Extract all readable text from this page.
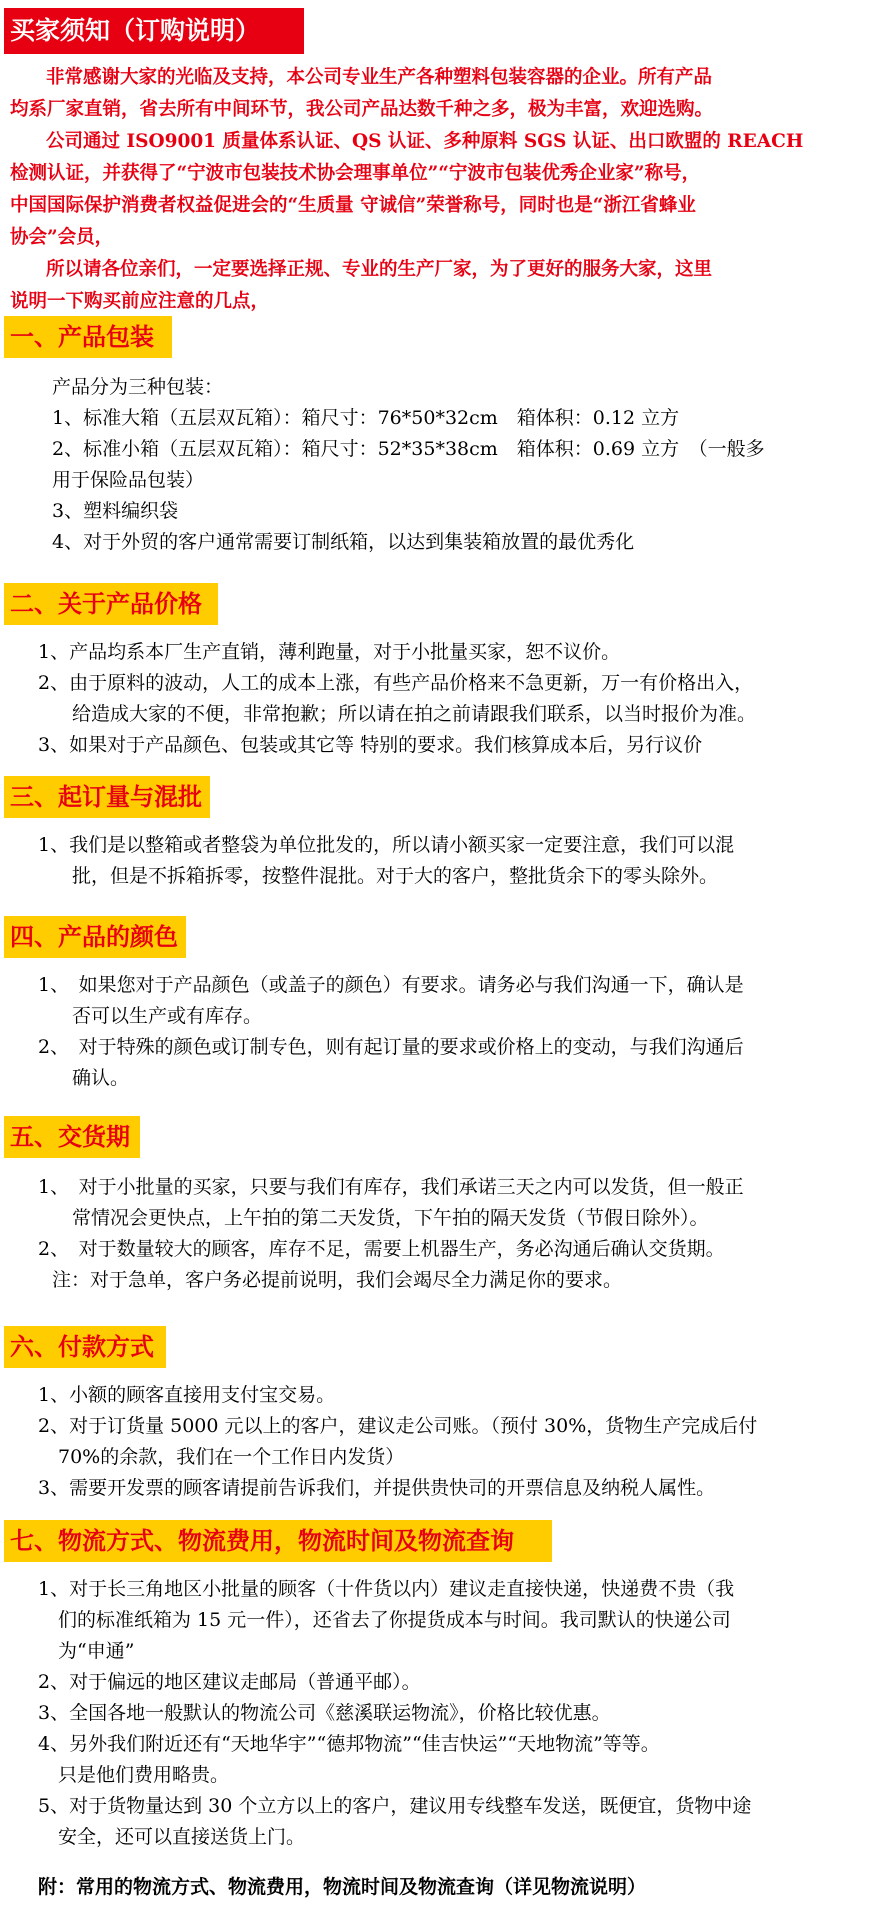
买家须知（订购说明）

非常感谢大家的光临及支持，本公司专业生产各种塑料包装容器的企业。所有产品

均系厂家直销，省去所有中间环节，我公司产品达数千种之多，极为丰富，欢迎选购。

公司通过 ISO9001 质量体系认证、QS 认证、多种原料 SGS 认证、出口欧盟的 REACH

检测认证，并获得了“宁波市包装技术协会理事单位”“宁波市包装优秀企业家”称号，

中国国际保护消费者权益促进会的“生质量 守诚信”荣誉称号，同时也是“浙江省蜂业

协会”会员，

所以请各位亲们，一定要选择正规、专业的生产厂家，为了更好的服务大家，这里

说明一下购买前应注意的几点，

一、产品包装

产品分为三种包装：

1、标准大箱（五层双瓦箱）：箱尺寸：76*50*32cm　箱体积：0.12 立方

2、标准小箱（五层双瓦箱）：箱尺寸：52*35*38cm　箱体积：0.69 立方　（一般多

用于保险品包装）

3、塑料编织袋

4、对于外贸的客户通常需要订制纸箱，以达到集装箱放置的最优秀化

二、关于产品价格

1、产品均系本厂生产直销，薄利跑量，对于小批量买家，恕不议价。

2、由于原料的波动，人工的成本上涨，有些产品价格来不急更新，万一有价格出入，

给造成大家的不便，非常抱歉；所以请在拍之前请跟我们联系，以当时报价为准。

3、如果对于产品颜色、包装或其它等 特别的要求。我们核算成本后，另行议价

三、起订量与混批

1、我们是以整箱或者整袋为单位批发的，所以请小额买家一定要注意，我们可以混

批，但是不拆箱拆零，按整件混批。对于大的客户，整批货余下的零头除外。

四、产品的颜色

1、　如果您对于产品颜色（或盖子的颜色）有要求。请务必与我们沟通一下，确认是

否可以生产或有库存。

2、　对于特殊的颜色或订制专色，则有起订量的要求或价格上的变动，与我们沟通后

确认。

五、交货期

1、　对于小批量的买家，只要与我们有库存，我们承诺三天之内可以发货，但一般正

常情况会更快点，上午拍的第二天发货，下午拍的隔天发货（节假日除外）。

2、　对于数量较大的顾客，库存不足，需要上机器生产，务必沟通后确认交货期。

注：对于急单，客户务必提前说明，我们会竭尽全力满足你的要求。

六、付款方式

1、小额的顾客直接用支付宝交易。

2、对于订货量 5000 元以上的客户，建议走公司账。（预付 30%，货物生产完成后付

70%的余款，我们在一个工作日内发货）

3、需要开发票的顾客请提前告诉我们，并提供贵快司的开票信息及纳税人属性。

七、物流方式、物流费用，物流时间及物流查询

1、对于长三角地区小批量的顾客（十件货以内）建议走直接快递，快递费不贵（我

们的标准纸箱为 15 元一件），还省去了你提货成本与时间。我司默认的快递公司

为“申通”

2、对于偏远的地区建议走邮局（普通平邮）。

3、全国各地一般默认的物流公司《慈溪联运物流》，价格比较优惠。

4、另外我们附近还有“天地华宇”“德邦物流”“佳吉快运”“天地物流”等等。

只是他们费用略贵。

5、对于货物量达到 30 个立方以上的客户，建议用专线整车发送，既便宜，货物中途

安全，还可以直接送货上门。

附：常用的物流方式、物流费用，物流时间及物流查询（详见物流说明）
